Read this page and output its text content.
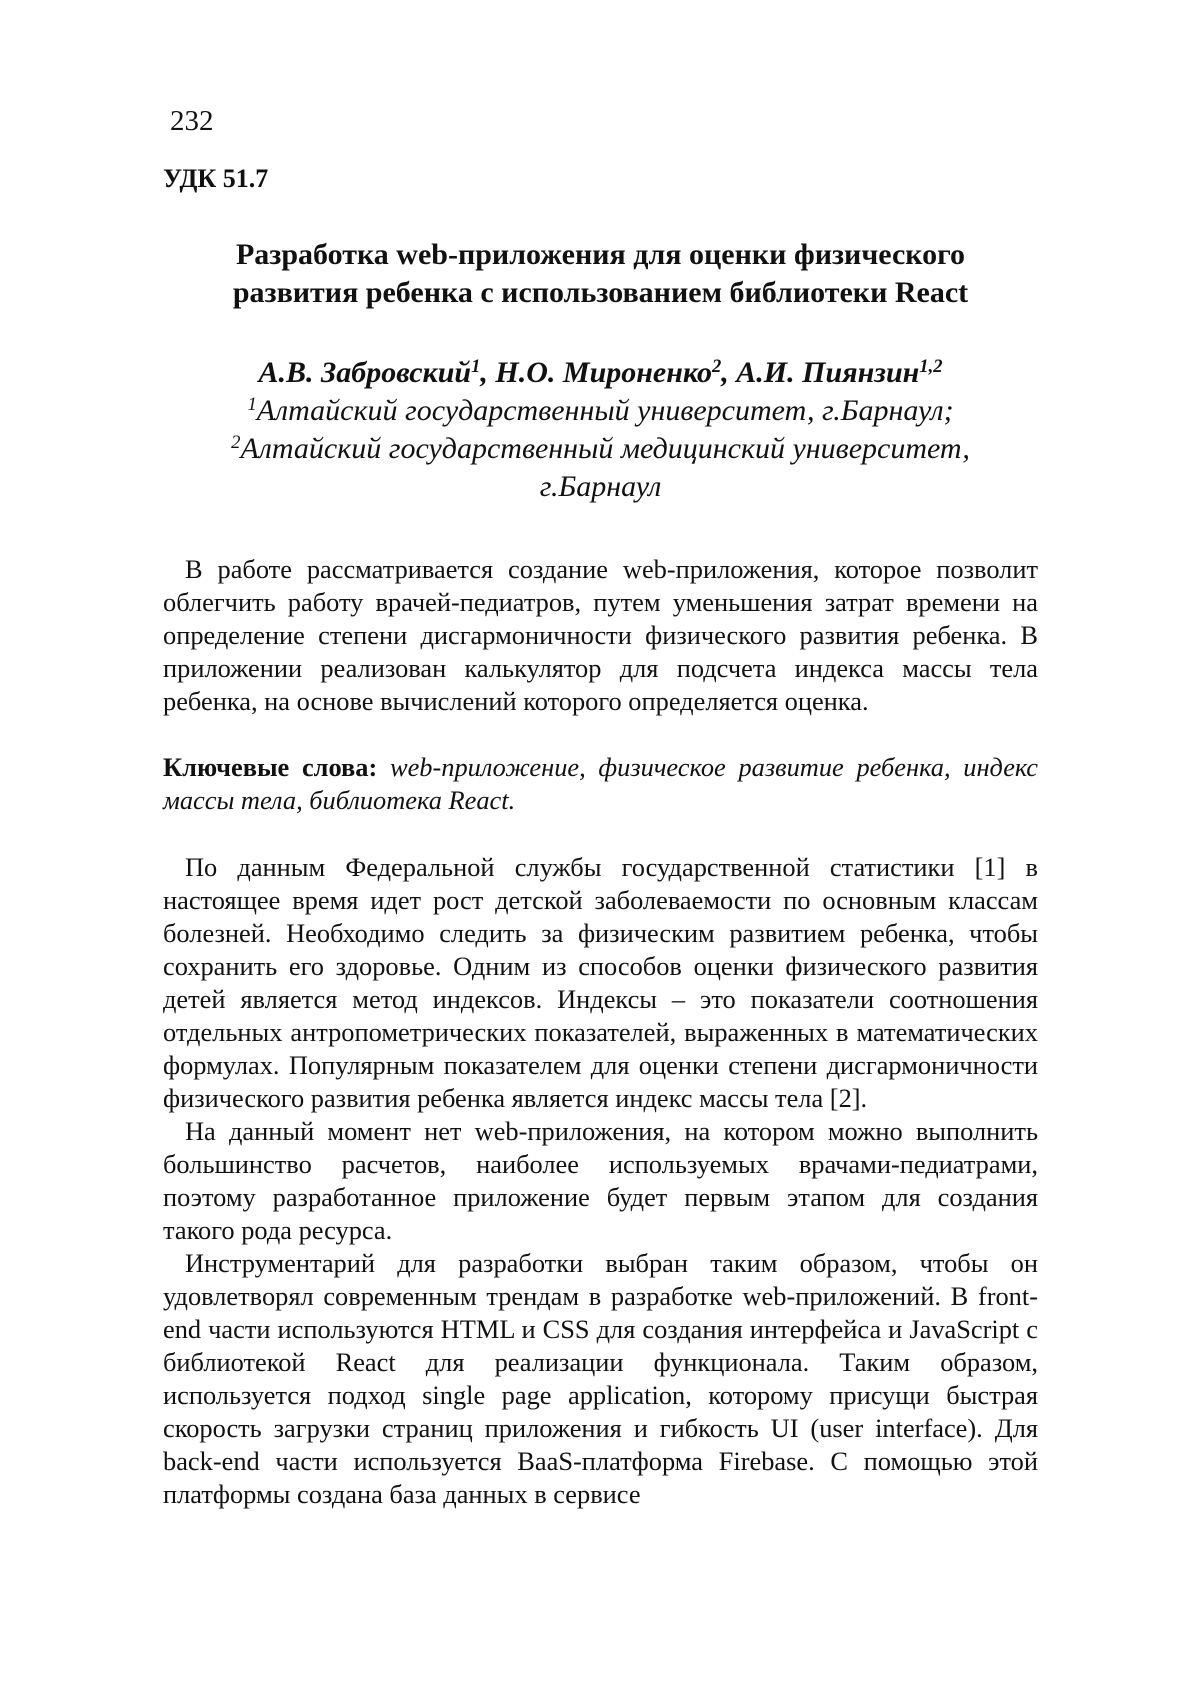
232
УДК 51.7
Разработка web-приложения для оценки физического
развития ребенка с использованием библиотеки React
А.В. Забровский$^1$, Н.О. Мироненко$^2$, А.И. Пиянзин$^{1,2}$
$^1$Алтайский государственный университет, г.Барнаул;
$^2$Алтайский государственный медицинский университет,
г.Барнаул

В работе рассматривается создание web-приложения, которое позволит облегчить работу врачей-педиатров, путем уменьшения затрат времени на определение степени дисгармоничности физического развития ребенка. В приложении реализован калькулятор для подсчета индекса массы тела ребенка, на основе вычислений которого определяется оценка.

Ключевые слова: web-приложение, физическое развитие ребенка, индекс массы тела, библиотека React.

По данным Федеральной службы государственной статистики [1] в настоящее время идет рост детской заболеваемости по основным классам болезней. Необходимо следить за физическим развитием ребенка, чтобы сохранить его здоровье. Одним из способов оценки физического развития детей является метод индексов. Индексы – это показатели соотношения отдельных антропометрических показателей, выраженных в математических формулах. Популярным показателем для оценки степени дисгармоничности физического развития ребенка является индекс массы тела [2].

На данный момент нет web-приложения, на котором можно выполнить большинство расчетов, наиболее используемых врачами-педиатрами, поэтому разработанное приложение будет первым этапом для создания такого рода ресурса.

Инструментарий для разработки выбран таким образом, чтобы он удовлетворял современным трендам в разработке web-приложений. В front-end части используются HTML и CSS для создания интерфейса и JavaScript с библиотекой React для реализации функционала. Таким образом, используется подход single page application, которому присущи быстрая скорость загрузки страниц приложения и гибкость UI (user interface). Для back-end части используется BaaS-платформа Firebase. С помощью этой платформы создана база данных в сервисе
